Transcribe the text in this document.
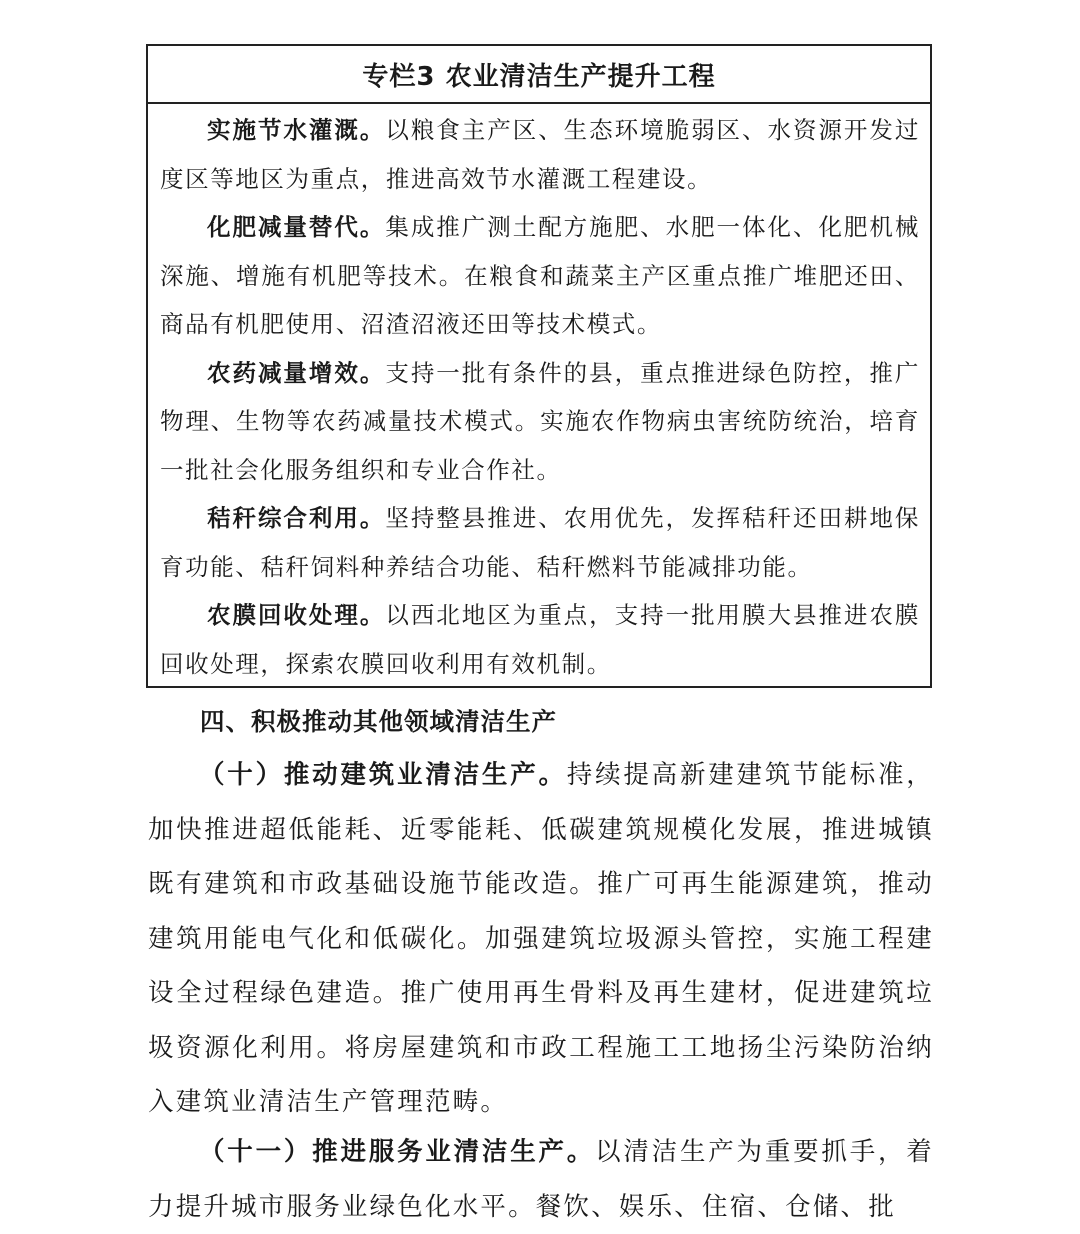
专栏3 农业清洁生产提升工程

实施节水灌溉。以粮食主产区、生态环境脆弱区、水资源开发过度区等地区为重点，推进高效节水灌溉工程建设。

化肥减量替代。集成推广测土配方施肥、水肥一体化、化肥机械深施、增施有机肥等技术。在粮食和蔬菜主产区重点推广堆肥还田、商品有机肥使用、沼渣沼液还田等技术模式。

农药减量增效。支持一批有条件的县，重点推进绿色防控，推广物理、生物等农药减量技术模式。实施农作物病虫害统防统治，培育一批社会化服务组织和专业合作社。

秸秆综合利用。坚持整县推进、农用优先，发挥秸秆还田耕地保育功能、秸秆饲料种养结合功能、秸秆燃料节能减排功能。

农膜回收处理。以西北地区为重点，支持一批用膜大县推进农膜回收处理，探索农膜回收利用有效机制。

四、积极推动其他领域清洁生产

（十）推动建筑业清洁生产。持续提高新建建筑节能标准，加快推进超低能耗、近零能耗、低碳建筑规模化发展，推进城镇既有建筑和市政基础设施节能改造。推广可再生能源建筑，推动建筑用能电气化和低碳化。加强建筑垃圾源头管控，实施工程建设全过程绿色建造。推广使用再生骨料及再生建材，促进建筑垃圾资源化利用。将房屋建筑和市政工程施工工地扬尘污染防治纳入建筑业清洁生产管理范畴。

（十一）推进服务业清洁生产。以清洁生产为重要抓手，着力提升城市服务业绿色化水平。餐饮、娱乐、住宿、仓储、批
